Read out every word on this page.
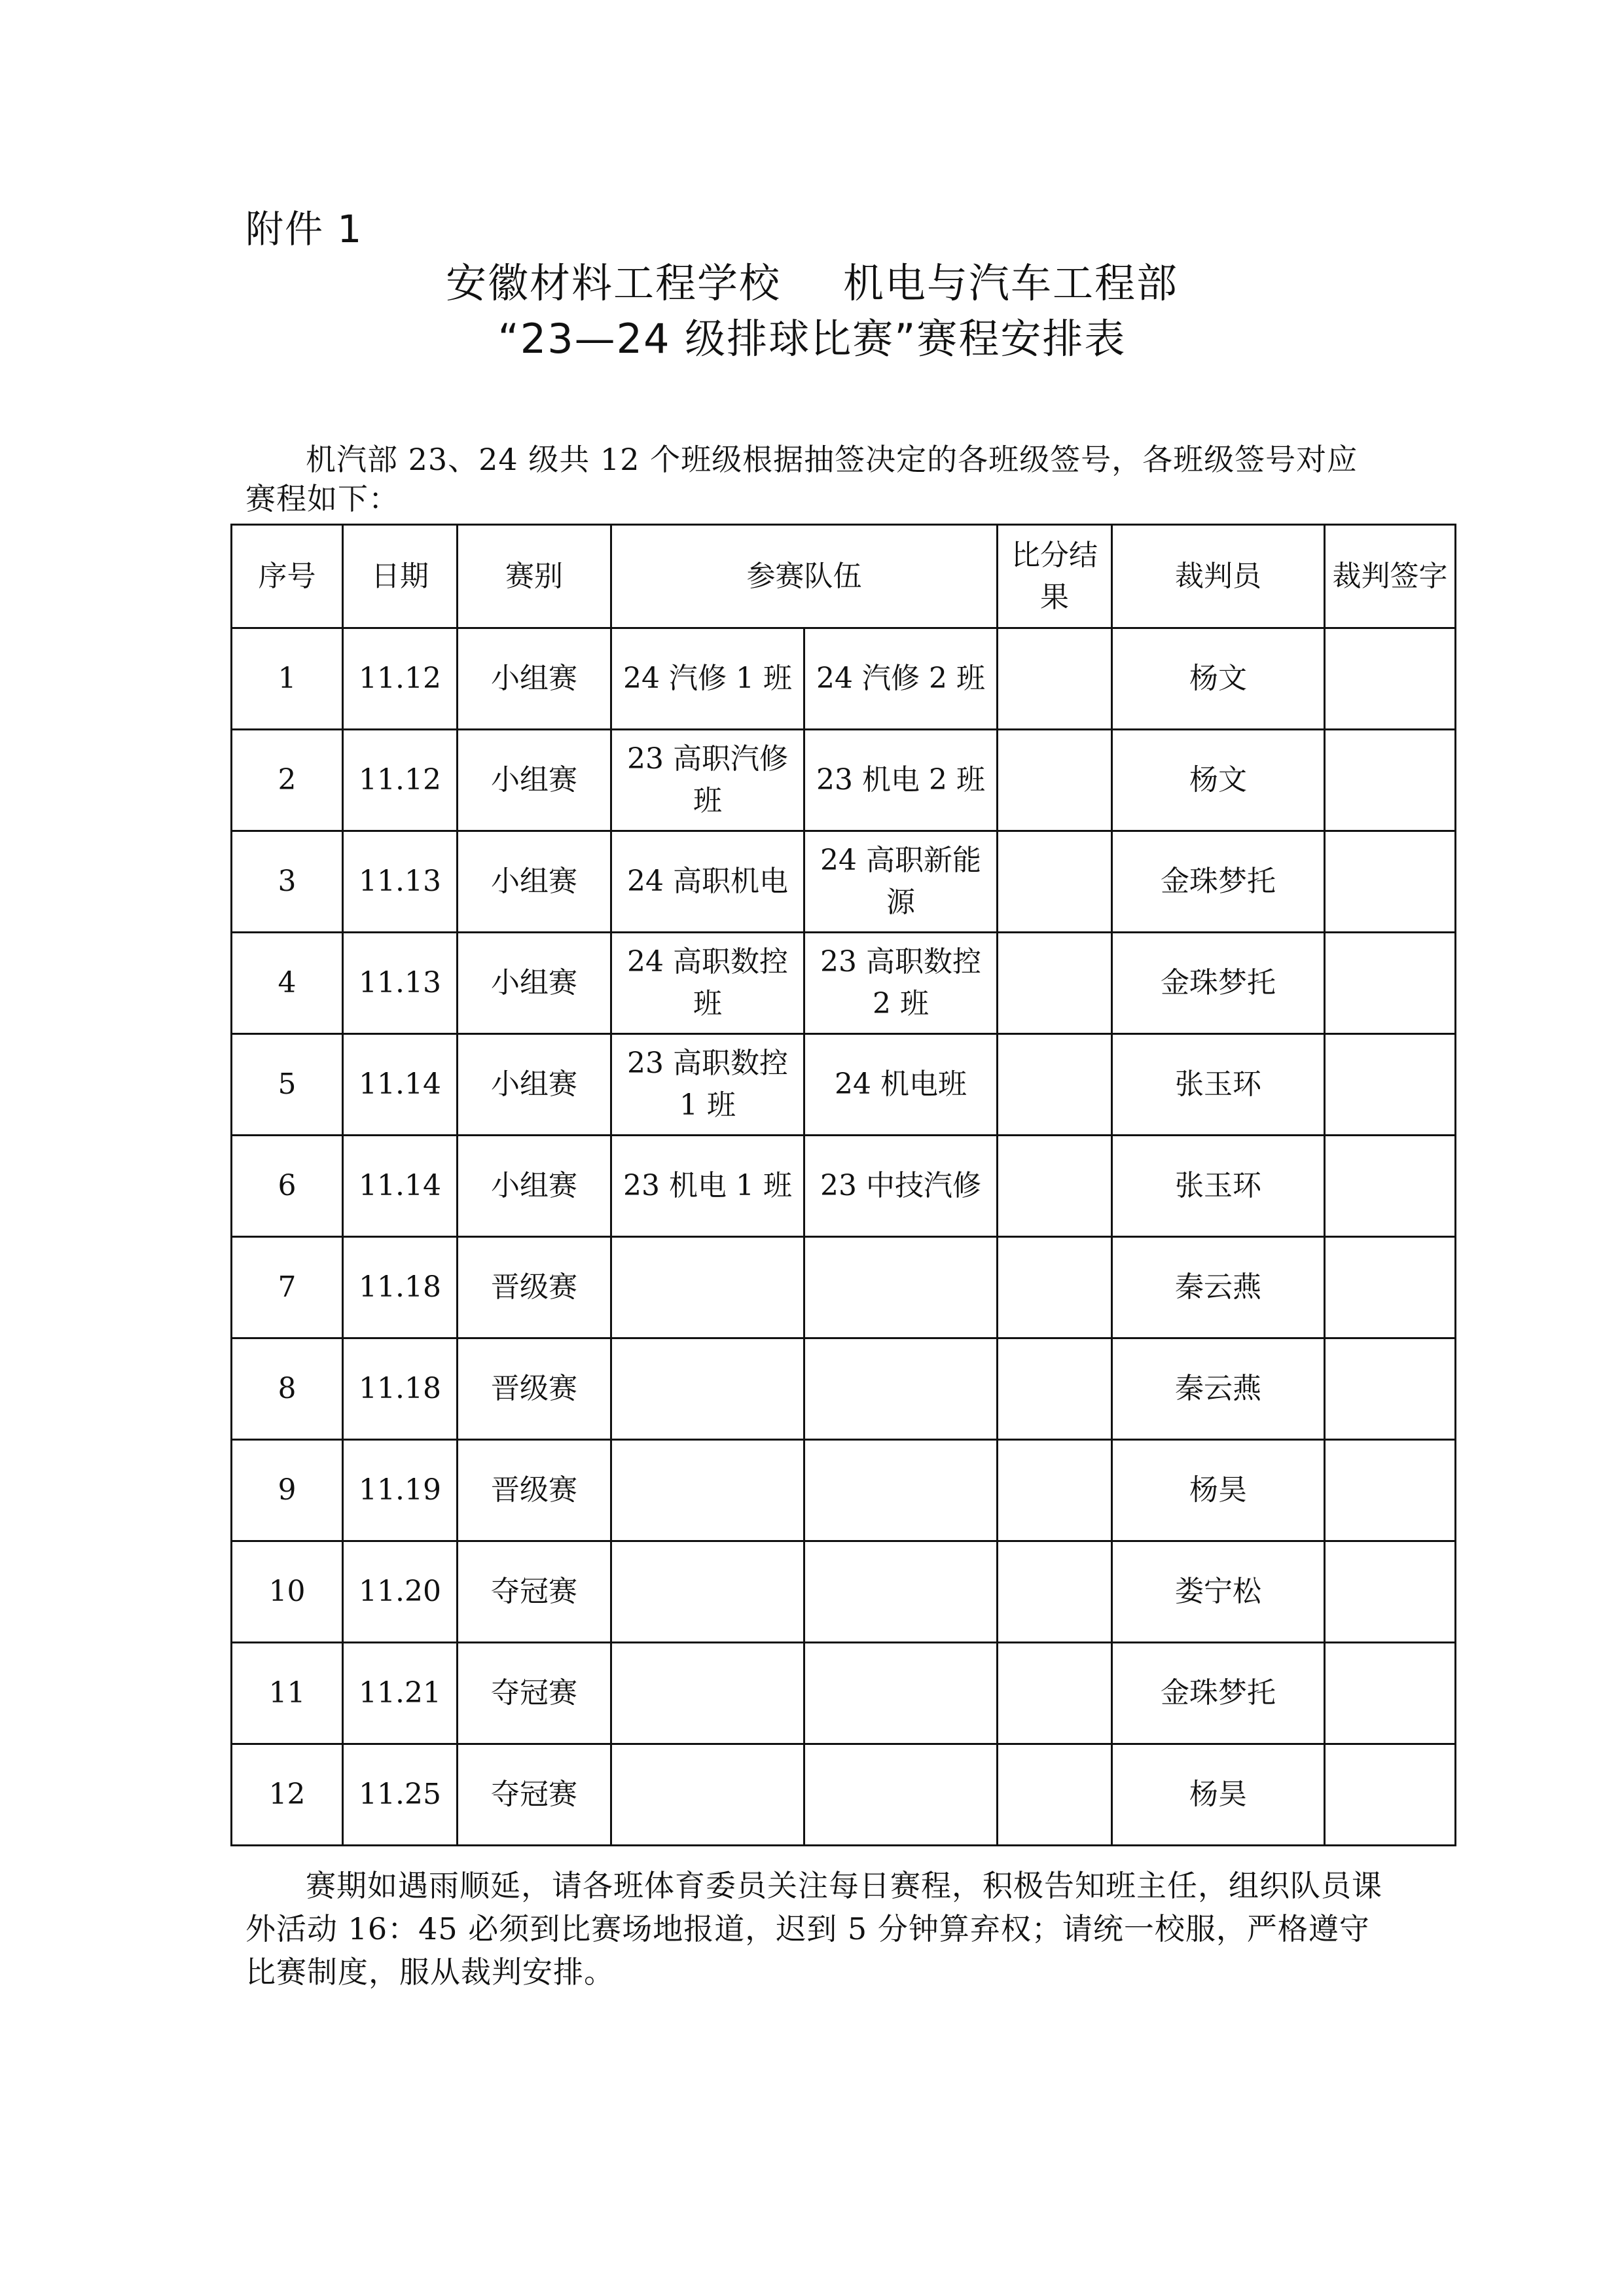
附件 1
安徽材料工程学校 机电与汽车工程部
“23—24 级排球比赛”赛程安排表
机汽部 23、24 级共 12 个班级根据抽签决定的各班级签号，各班级签号对应赛程如下：
序号	日期	赛别	参赛队伍		比分结果	裁判员	裁判签字
1	11.12	小组赛	24 汽修 1 班	24 汽修 2 班		杨文	
2	11.12	小组赛	23 高职汽修班	23 机电 2 班		杨文	
3	11.13	小组赛	24 高职机电	24 高职新能源		金珠梦托	
4	11.13	小组赛	24 高职数控班	23 高职数控 2 班		金珠梦托	
5	11.14	小组赛	23 高职数控 1 班	24 机电班		张玉环	
6	11.14	小组赛	23 机电 1 班	23 中技汽修		张玉环	
7	11.18	晋级赛				秦云燕	
8	11.18	晋级赛				秦云燕	
9	11.19	晋级赛				杨昊	
10	11.20	夺冠赛				娄宁松	
11	11.21	夺冠赛				金珠梦托	
12	11.25	夺冠赛				杨昊	
赛期如遇雨顺延，请各班体育委员关注每日赛程，积极告知班主任，组织队员课外活动 16：45 必须到比赛场地报道，迟到 5 分钟算弃权；请统一校服，严格遵守比赛制度，服从裁判安排。
